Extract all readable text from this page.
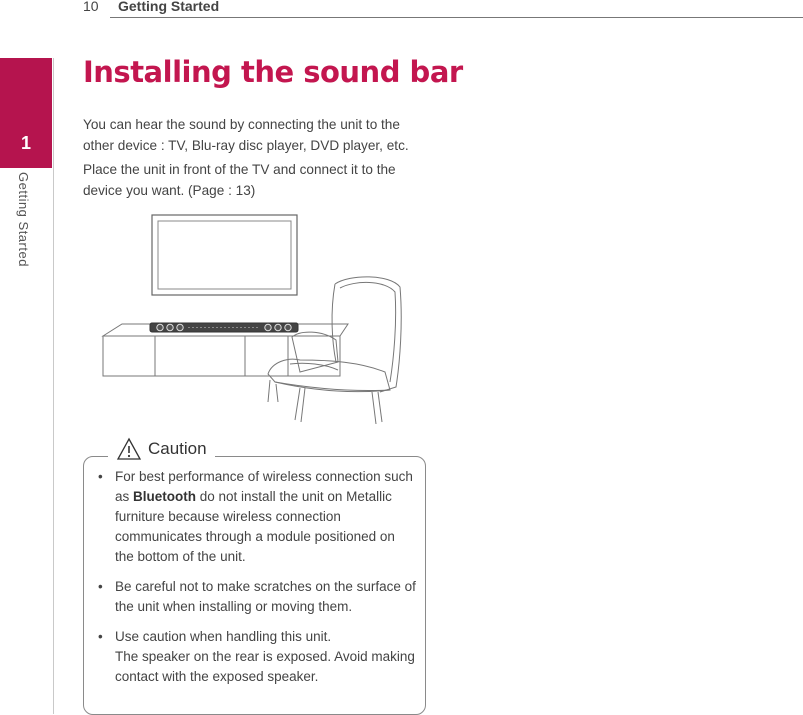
10 Getting Started
1
Getting Started
Installing the sound bar
You can hear the sound by connecting the unit to the other device : TV, Blu-ray disc player, DVD player, etc.
Place the unit in front of the TV and connect it to the device you want. (Page : 13)
Caution
• For best performance of wireless connection such as Bluetooth do not install the unit on Metallic furniture because wireless connection communicates through a module positioned on the bottom of the unit.
• Be careful not to make scratches on the surface of the unit when installing or moving them.
• Use caution when handling this unit.
The speaker on the rear is exposed. Avoid making contact with the exposed speaker.
